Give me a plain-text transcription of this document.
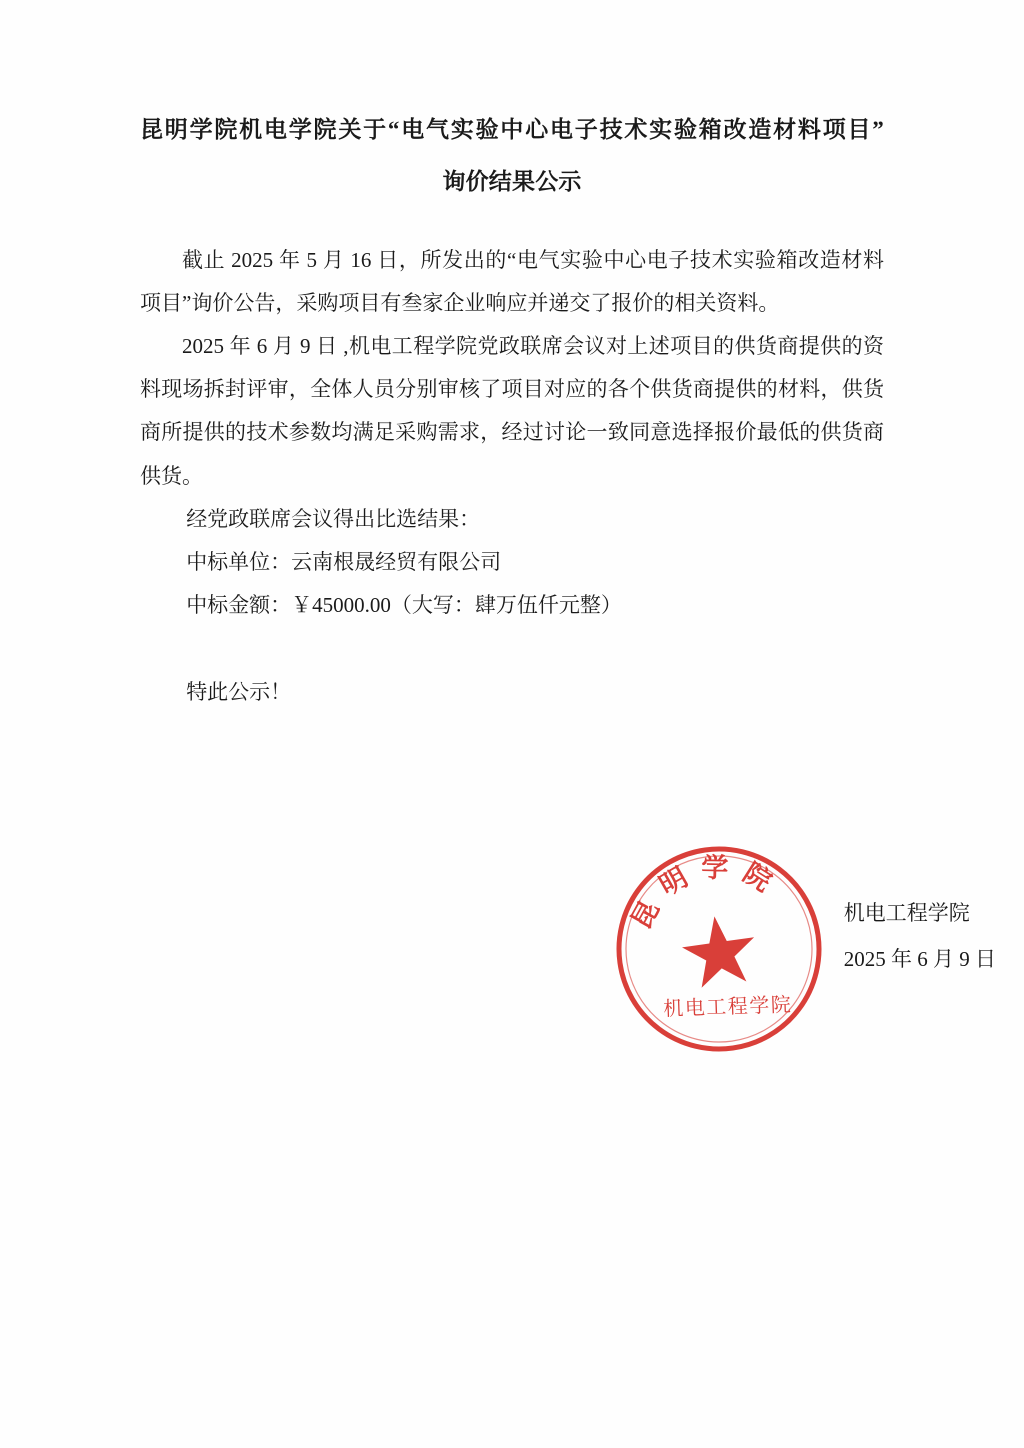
昆明学院机电学院关于“电气实验中心电子技术实验箱改造材料项目”
询价结果公示

截止 2025 年 5 月 16 日，所发出的“电气实验中心电子技术实验箱改造材料项目”询价公告，采购项目有叁家企业响应并递交了报价的相关资料。

2025 年 6 月 9 日 ,机电工程学院党政联席会议对上述项目的供货商提供的资料现场拆封评审，全体人员分别审核了项目对应的各个供货商提供的材料，供货商所提供的技术参数均满足采购需求，经过讨论一致同意选择报价最低的供货商供货。

经党政联席会议得出比选结果：

中标单位：云南根晟经贸有限公司

中标金额：￥45000.00（大写：肆万伍仟元整）

特此公示！

机电工程学院
2025 年 6 月 9 日
昆明学院
机电工程学院
